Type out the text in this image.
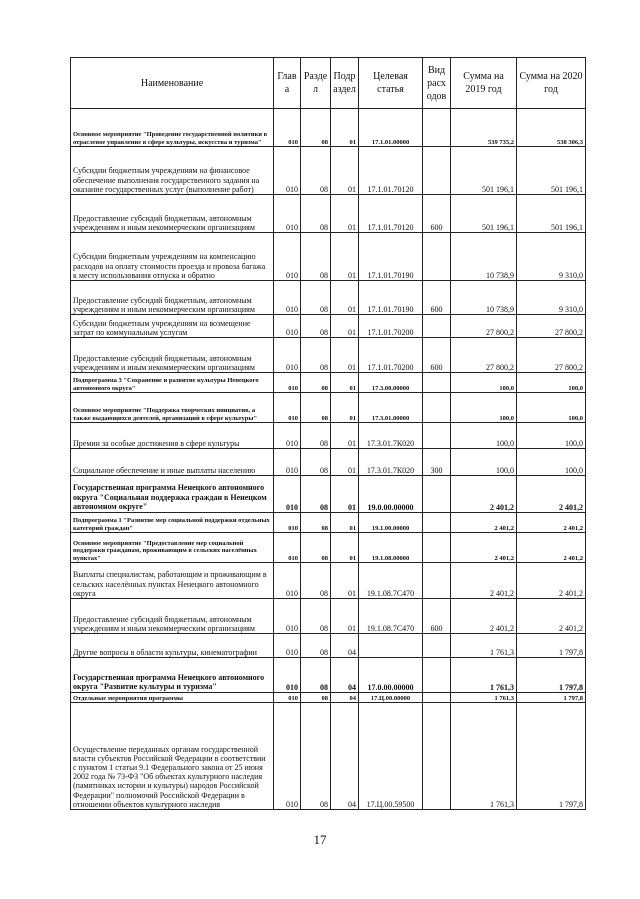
Наименование	Глав а	Разде л	Подр аздел	Целевая статья	Вид расх одов	Сумма на 2019 год	Сумма на 2020 год
Основное мероприятие "Проведение государственной политики в отраслевое управление в сфере культуры, искусства и туризма"	010	08	01	17.1.01.00000		539 735,2	538 306,3
Субсидии бюджетным учреждениям на финансовое обеспечение выполнения государственного задания на оказание государственных услуг (выполнение работ)	010	08	01	17.1.01.70120		501 196,1	501 196,1
Предоставление субсидий бюджетным, автономным учреждениям и иным некоммерческим организациям	010	08	01	17.1.01.70120	600	501 196,1	501 196,1
Субсидии бюджетным учреждениям на компенсацию расходов на оплату стоимости проезда и провоза багажа к месту использования отпуска и обратно	010	08	01	17.1.01.70190		10 738,9	9 310,0
Предоставление субсидий бюджетным, автономным учреждениям и иным некоммерческим организациям	010	08	01	17.1.01.70190	600	10 738,9	9 310,0
Субсидии бюджетным учреждениям на возмещение затрат по коммунальным услугам	010	08	01	17.1.01.70200		27 800,2	27 800,2
Предоставление субсидий бюджетным, автономным учреждениям и иным некоммерческим организациям	010	08	01	17.1.01.70200	600	27 800,2	27 800,2
Подпрограмма 3 "Сохранение и развитие культуры Ненецкого автономного округа"	010	08	01	17.3.00.00000		100,0	100,0
Основное мероприятие "Поддержка творческих инициатив, а также выдающихся деятелей, организаций в сфере культуры"	010	08	01	17.3.01.00000		100,0	100,0
Премии за особые достижения в сфере культуры	010	08	01	17.3.01.7К020		100,0	100,0
Социальное обеспечение и иные выплаты населению	010	08	01	17.3.01.7К020	300	100,0	100,0
Государственная программа Ненецкого автономного округа "Социальная поддержка граждан в Ненецком автономном округе"	010	08	01	19.0.00.00000		2 401,2	2 401,2
Подпрограмма 1 "Развитие мер социальной поддержки отдельных категорий граждан"	010	08	01	19.1.00.00000		2 401,2	2 401,2
Основное мероприятие "Предоставление мер социальной поддержки гражданам, проживающим в сельских населённых пунктах"	010	08	01	19.1.08.00000		2 401,2	2 401,2
Выплаты специалистам, работающим и проживающим в сельских населённых пунктах Ненецкого автономного округа	010	08	01	19.1.08.7С470		2 401,2	2 401,2
Предоставление субсидий бюджетным, автономным учреждениям и иным некоммерческим организациям	010	08	01	19.1.08.7С470	600	2 401,2	2 401,2
Другие вопросы в области культуры, кинематографии	010	08	04			1 761,3	1 797,8
Государственная программа Ненецкого автономного округа "Развитие культуры и туризма"	010	08	04	17.0.00.00000		1 761,3	1 797,8
Отдельные мероприятия программы	010	08	04	17.Ц.00.00000		1 761,3	1 797,8
Осуществление переданных органам государственной власти субъектов Российской Федерации в соответствии с пунктом 1 статьи 9.1 Федерального закона от 25 июня 2002 года № 73-ФЗ "Об объектах культурного наследия (памятниках истории и культуры) народов Российской Федерации" полномочий Российской Федерации в отношении объектов культурного наследия	010	08	04	17.Ц.00.59500		1 761,3	1 797,8
17
